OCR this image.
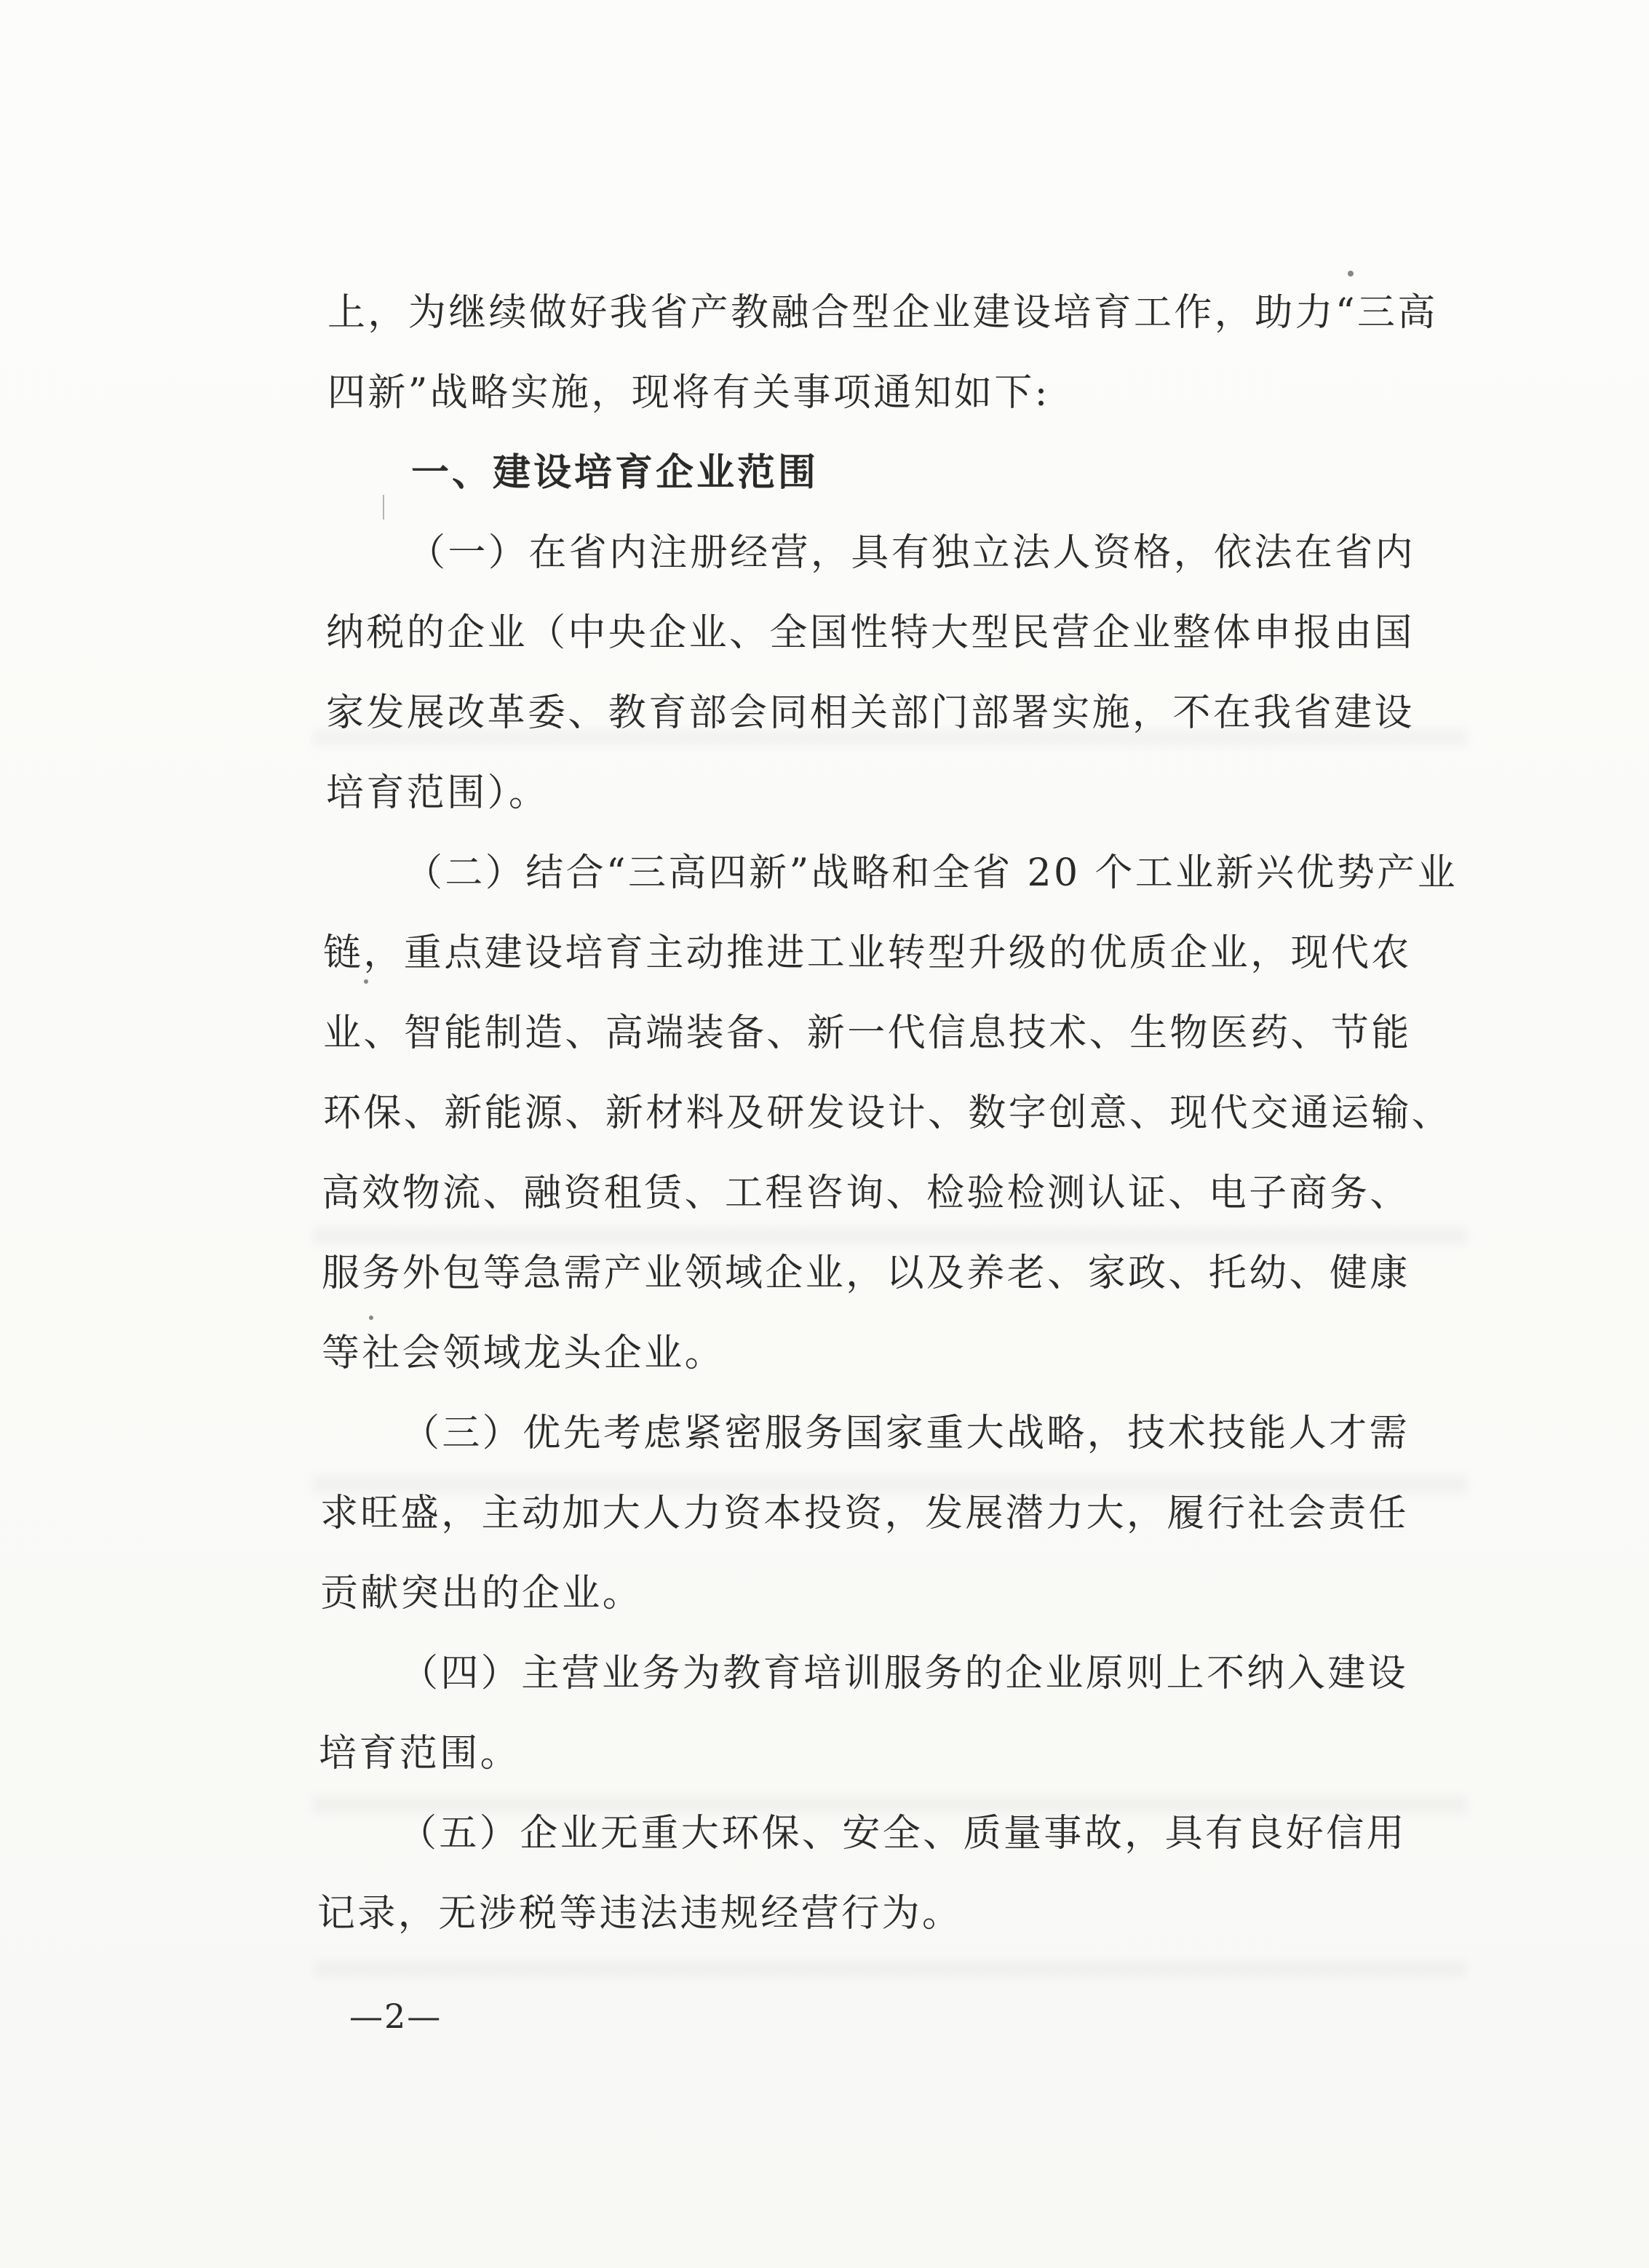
上，为继续做好我省产教融合型企业建设培育工作，助力“三高
四新”战略实施，现将有关事项通知如下:
一、建设培育企业范围
（一）在省内注册经营，具有独立法人资格，依法在省内
纳税的企业（中央企业、全国性特大型民营企业整体申报由国
家发展改革委、教育部会同相关部门部署实施，不在我省建设
培育范围）。
（二）结合“三高四新”战略和全省 20 个工业新兴优势产业
链，重点建设培育主动推进工业转型升级的优质企业，现代农
业、智能制造、高端装备、新一代信息技术、生物医药、节能
环保、新能源、新材料及研发设计、数字创意、现代交通运输、
高效物流、融资租赁、工程咨询、检验检测认证、电子商务、
服务外包等急需产业领域企业，以及养老、家政、托幼、健康
等社会领域龙头企业。
（三）优先考虑紧密服务国家重大战略，技术技能人才需
求旺盛，主动加大人力资本投资，发展潜力大，履行社会责任
贡献突出的企业。
（四）主营业务为教育培训服务的企业原则上不纳入建设
培育范围。
（五）企业无重大环保、安全、质量事故，具有良好信用
记录，无涉税等违法违规经营行为。
—2—
